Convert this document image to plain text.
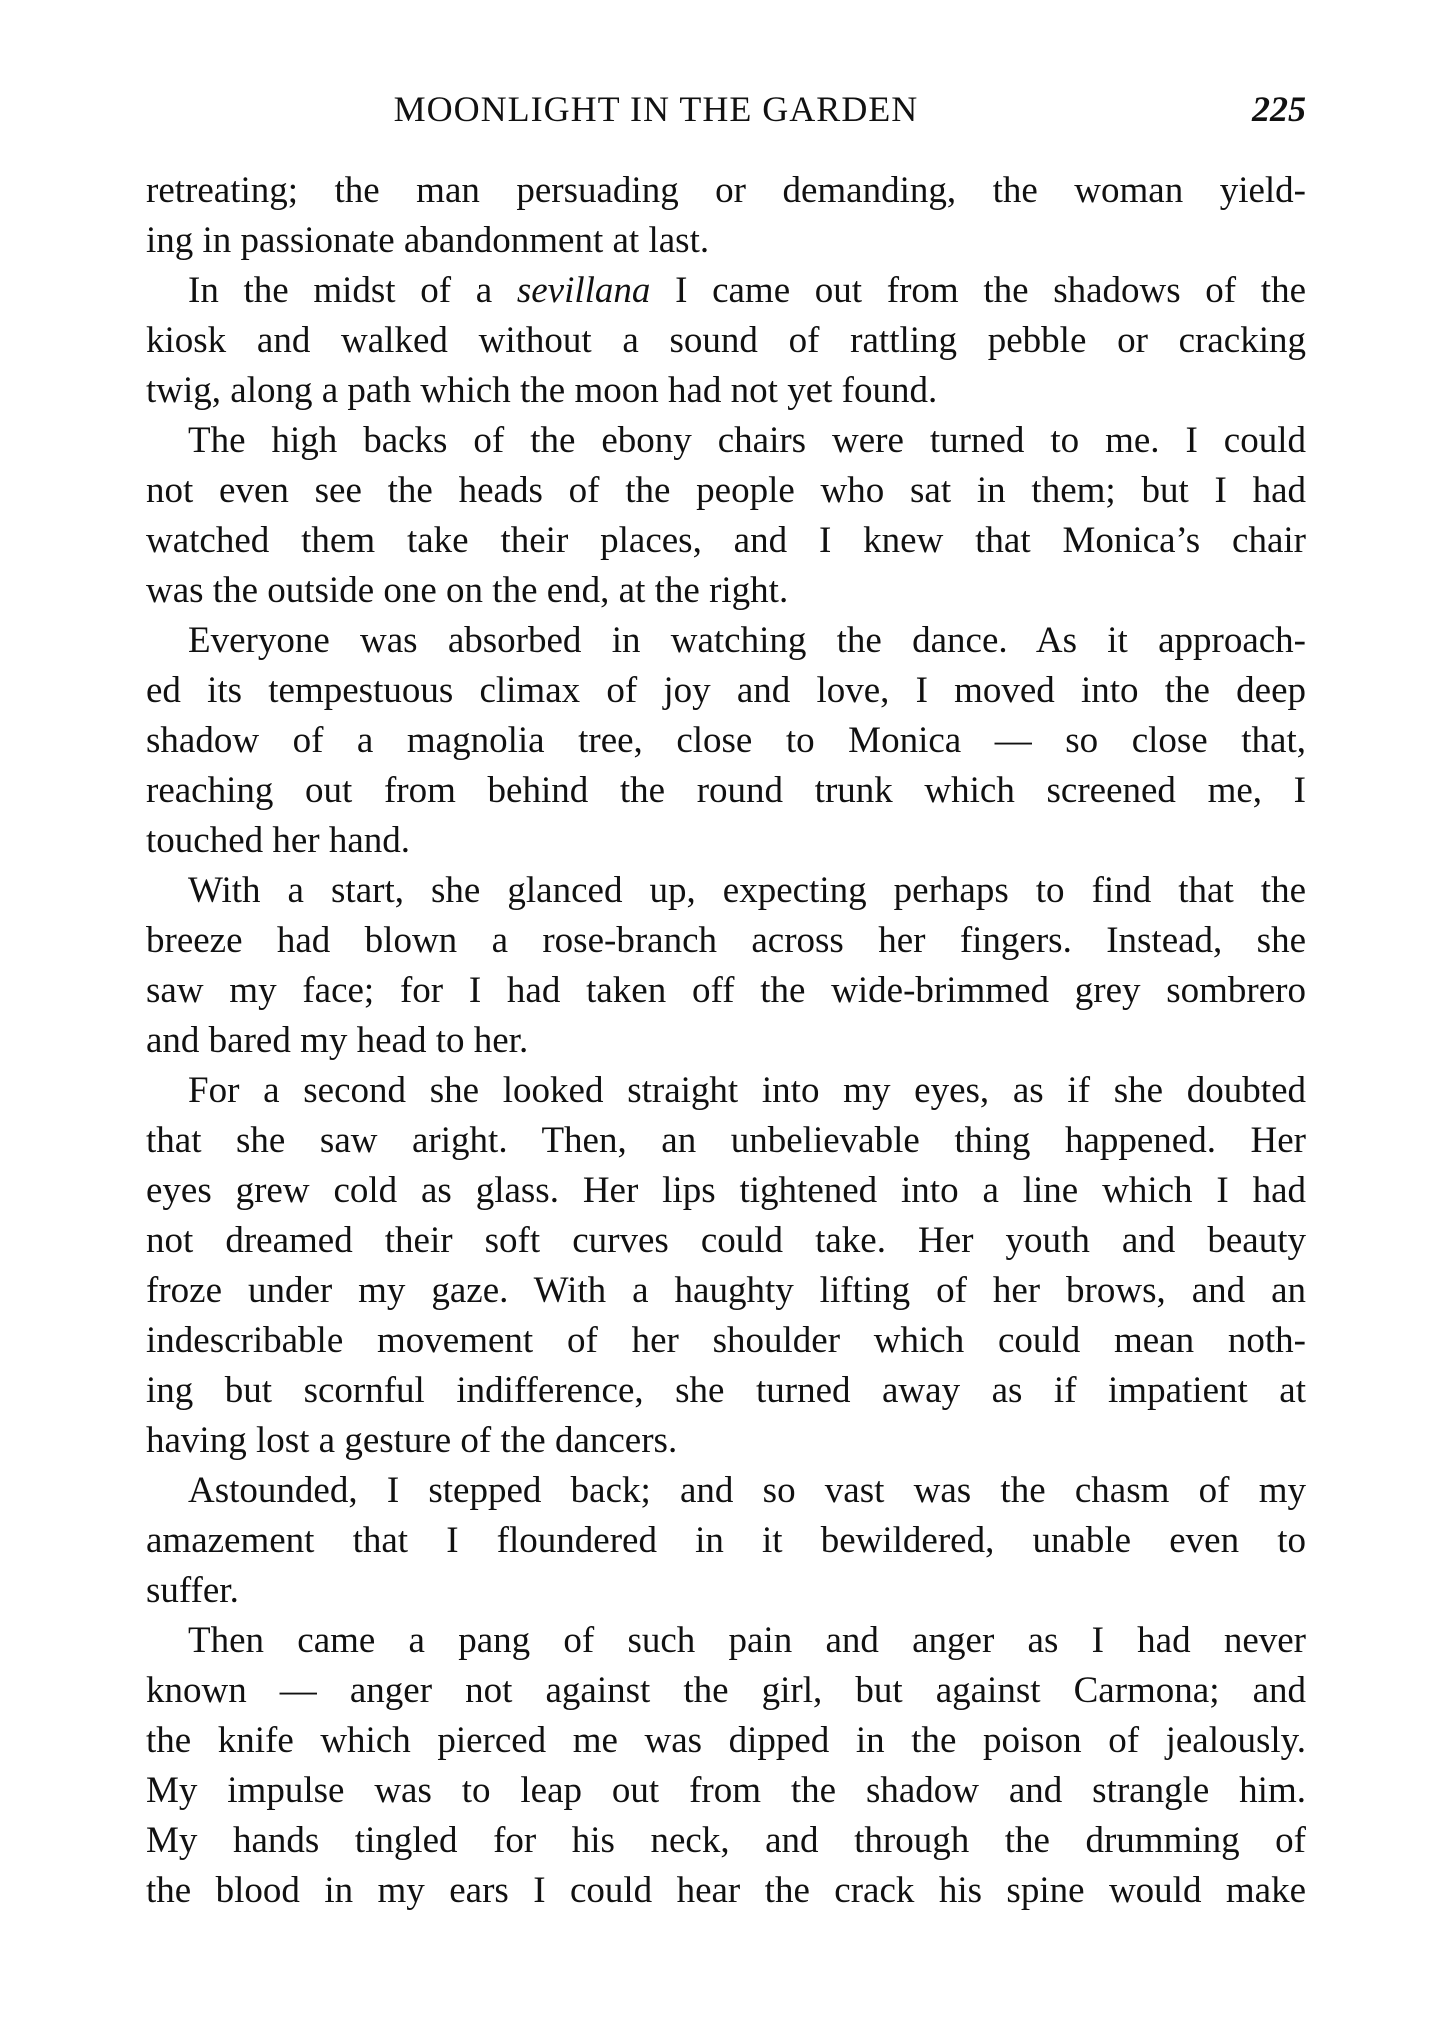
MOONLIGHT IN THE GARDEN	225
retreating; the man persuading or demanding, the woman yield-
ing in passionate abandonment at last.
In the midst of a sevillana I came out from the shadows of the
kiosk and walked without a sound of rattling pebble or cracking
twig, along a path which the moon had not yet found.
The high backs of the ebony chairs were turned to me. I could
not even see the heads of the people who sat in them; but I had
watched them take their places, and I knew that Monica’s chair
was the outside one on the end, at the right.
Everyone was absorbed in watching the dance. As it approach-
ed its tempestuous climax of joy and love, I moved into the deep
shadow of a magnolia tree, close to Monica — so close that,
reaching out from behind the round trunk which screened me, I
touched her hand.
With a start, she glanced up, expecting perhaps to find that the
breeze had blown a rose-branch across her fingers. Instead, she
saw my face; for I had taken off the wide-brimmed grey sombrero
and bared my head to her.
For a second she looked straight into my eyes, as if she doubted
that she saw aright. Then, an unbelievable thing happened. Her
eyes grew cold as glass. Her lips tightened into a line which I had
not dreamed their soft curves could take. Her youth and beauty
froze under my gaze. With a haughty lifting of her brows, and an
indescribable movement of her shoulder which could mean noth-
ing but scornful indifference, she turned away as if impatient at
having lost a gesture of the dancers.
Astounded, I stepped back; and so vast was the chasm of my
amazement that I floundered in it bewildered, unable even to
suffer.
Then came a pang of such pain and anger as I had never
known — anger not against the girl, but against Carmona; and
the knife which pierced me was dipped in the poison of jealously.
My impulse was to leap out from the shadow and strangle him.
My hands tingled for his neck, and through the drumming of
the blood in my ears I could hear the crack his spine would make
